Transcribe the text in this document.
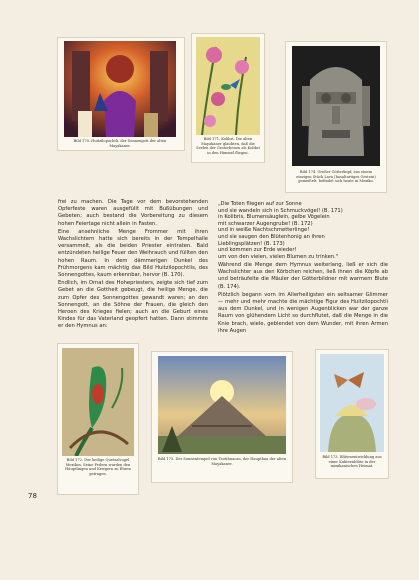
Bild 170. Huitzilopochtli, der Sonnengott der alten Mayakaner.
Bild 171. Kolibri. Die alten Mayakaner glaubten, daß die Seelen der Gestorbenen als Kolibri in den Himmel fliegen.
Bild 174. Großer Götterkopf, aus einem einzigen Stück Lava (basaltartiges Gestein) gemeißelt, befindet sich heute in Mexiko.

frei zu machen. Die Tage vor dem bevorstehenden Opferfeste waren ausgefüllt mit Bußübungen und Gebeten; auch bestand die Vorbereitung zu diesem hohen Feiertage nicht allein in Fasten.

Eine ansehnliche Menge Frommer mit ihren Wachslichtern hatte sich bereits in der Tempelhalle versammelt, als die beiden Priester eintraten. Bald entzündeten heilige Feuer den Weihrauch und füllten den hohen Raum. In dem dämmerigen Dunkel des Frühmorgens kam mächtig das Bild Huitzilopochtlis, des Sonnengottes, kaum erkennbar, hervor (B. 170).

Endlich, im Ornat des Hohepriesters, zeigte sich tief zum Gebet an die Gottheit gebeugt, die heilige Menge, die zum Opfer des Sonnengottes gewandt waren; an den Sonnengott, an die Söhne der Frauen, die gleich den Heroen des Krieges fielen; auch an die Geburt eines Kindes für das Vaterland geopfert hatten. Dann stimmte er den Hymnus an:

„Die Toten fliegen auf zur Sonne
und sie wandeln sich in Schmuckvögel! (B. 171)
in Kolibris, Blumensäuglein, gelbe Vögelein
mit schwarzer Augengrube! (B. 172)
und in weiße Nachtschmetterlinge!
und sie saugen den Blütenhonig an ihren
Lieblingsplätzen! (B. 173)
und kommen zur Erde wieder!
um von den vielen, vielen Blumen zu trinken."

Während die Menge dem Hymnus weiterlang, ließ er sich die Wachslichter aus den Körbchen reichen, ließ ihnen die Köpfe ab und beträufelte die Mäuler der Götterbildner mit warmem Blute (B. 174).

Plötzlich begann vorn im Allerheiligsten ein seltsamer Glimmer — mehr und mehr machte die mächtige Figur des Huitzilopochtli aus dem Dunkel, und in wenigen Augenblicken war der ganze Raum von glühendem Licht so durchflutet, daß die Menge in die Knie brach, wiele, geblendet von dem Wunder, mit ihren Armen ihre Augen

Bild 172. Der heilige Quetzalvogel Mexikos. Seine Federn wurden den Häuptlingen und Kriegern zu Ehren getragen.
Bild 175. Der Sonnentempel von Teotihuacan, der Hauptbau der alten Mayakaner.
Bild 173. Blütenentwicklung aus einer Kakteenblüte in der mexikanischen Heimat.
78
